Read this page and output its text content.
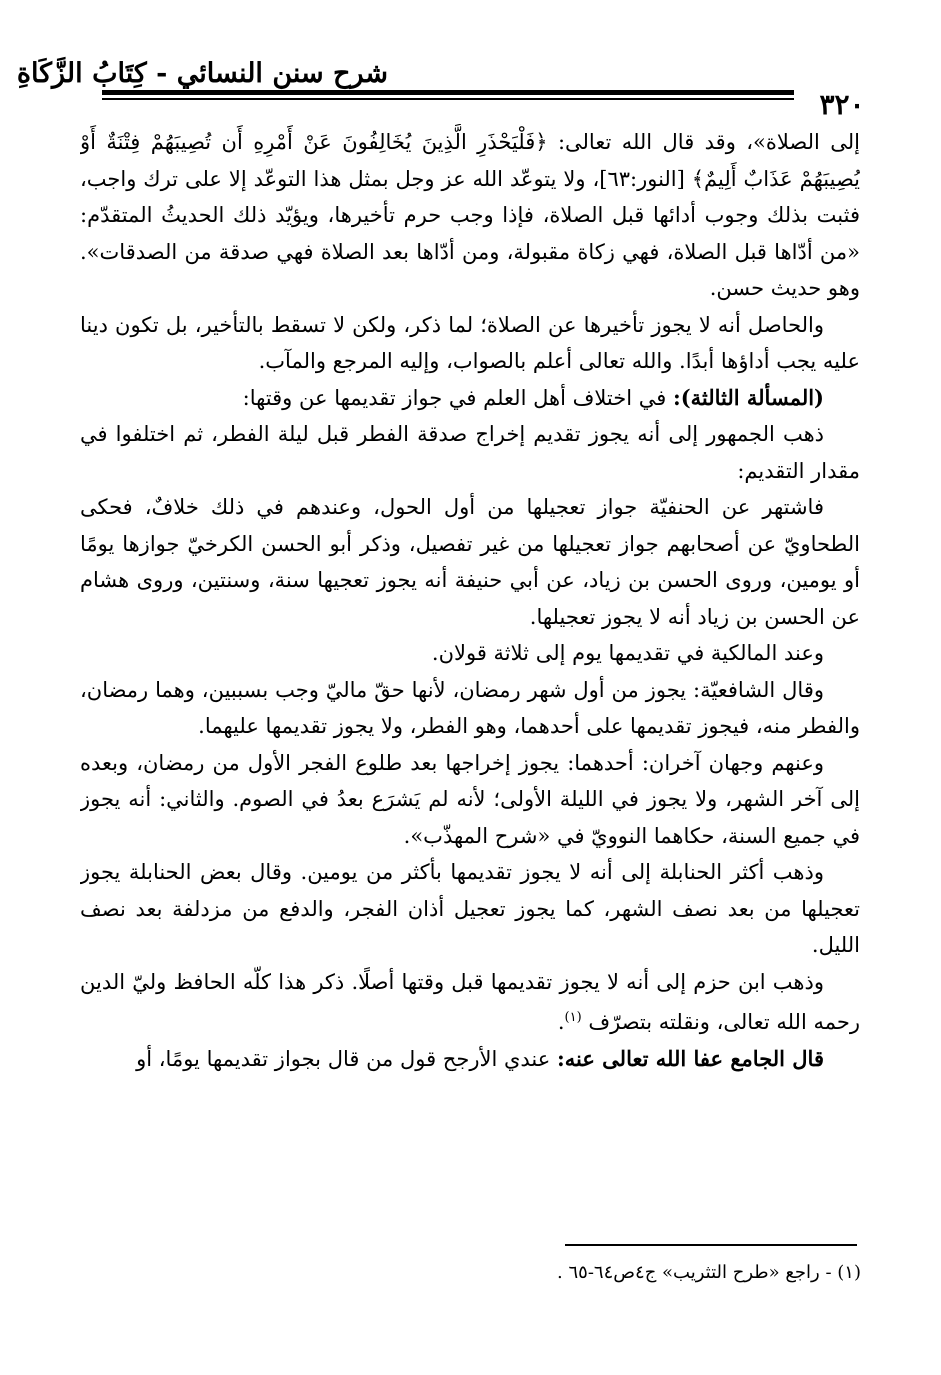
شرح سنن النسائي - كِتَابُ الزَّكَاةِ
٣٢٠

إلى الصلاة»، وقد قال الله تعالى: ﴿فَلْيَحْذَرِ الَّذِينَ يُخَالِفُونَ عَنْ أَمْرِهِ أَن تُصِيبَهُمْ فِتْنَةٌ أَوْ يُصِيبَهُمْ عَذَابٌ أَلِيمٌ﴾ [النور:٦٣]، ولا يتوعّد الله عز وجل بمثل هذا التوعّد إلا على ترك واجب، فثبت بذلك وجوب أدائها قبل الصلاة، فإذا وجب حرم تأخيرها، ويؤيّد ذلك الحديثُ المتقدّم: «من أدّاها قبل الصلاة، فهي زكاة مقبولة، ومن أدّاها بعد الصلاة فهي صدقة من الصدقات». وهو حديث حسن.

والحاصل أنه لا يجوز تأخيرها عن الصلاة؛ لما ذكر، ولكن لا تسقط بالتأخير، بل تكون دينا عليه يجب أداؤها أبدًا. والله تعالى أعلم بالصواب، وإليه المرجع والمآب.

(المسألة الثالثة): في اختلاف أهل العلم في جواز تقديمها عن وقتها:

ذهب الجمهور إلى أنه يجوز تقديم إخراج صدقة الفطر قبل ليلة الفطر، ثم اختلفوا في مقدار التقديم:

فاشتهر عن الحنفيّة جواز تعجيلها من أول الحول، وعندهم في ذلك خلافٌ، فحكى الطحاويّ عن أصحابهم جواز تعجيلها من غير تفصيل، وذكر أبو الحسن الكرخيّ جوازها يومًا أو يومين، وروى الحسن بن زياد، عن أبي حنيفة أنه يجوز تعجيها سنة، وسنتين، وروى هشام عن الحسن بن زياد أنه لا يجوز تعجيلها.

وعند المالكية في تقديمها يوم إلى ثلاثة قولان.

وقال الشافعيّة: يجوز من أول شهر رمضان، لأنها حقّ ماليّ وجب بسببين، وهما رمضان، والفطر منه، فيجوز تقديمها على أحدهما، وهو الفطر، ولا يجوز تقديمها عليهما.

وعنهم وجهان آخران: أحدهما: يجوز إخراجها بعد طلوع الفجر الأول من رمضان، وبعده إلى آخر الشهر، ولا يجوز في الليلة الأولى؛ لأنه لم يَشرَع بعدُ في الصوم. والثاني: أنه يجوز في جميع السنة، حكاهما النوويّ في «شرح المهذّب».

وذهب أكثر الحنابلة إلى أنه لا يجوز تقديمها بأكثر من يومين. وقال بعض الحنابلة يجوز تعجيلها من بعد نصف الشهر، كما يجوز تعجيل أذان الفجر، والدفع من مزدلفة بعد نصف الليل.

وذهب ابن حزم إلى أنه لا يجوز تقديمها قبل وقتها أصلًا. ذكر هذا كلّه الحافظ وليّ الدين رحمه الله تعالى، ونقلته بتصرّف $^{(١)}$.

قال الجامع عفا الله تعالى عنه: عندي الأرجح قول من قال بجواز تقديمها يومًا، أو

(١) - راجع «طرح التثريب» ج٤ص٦٤-٦٥ .
